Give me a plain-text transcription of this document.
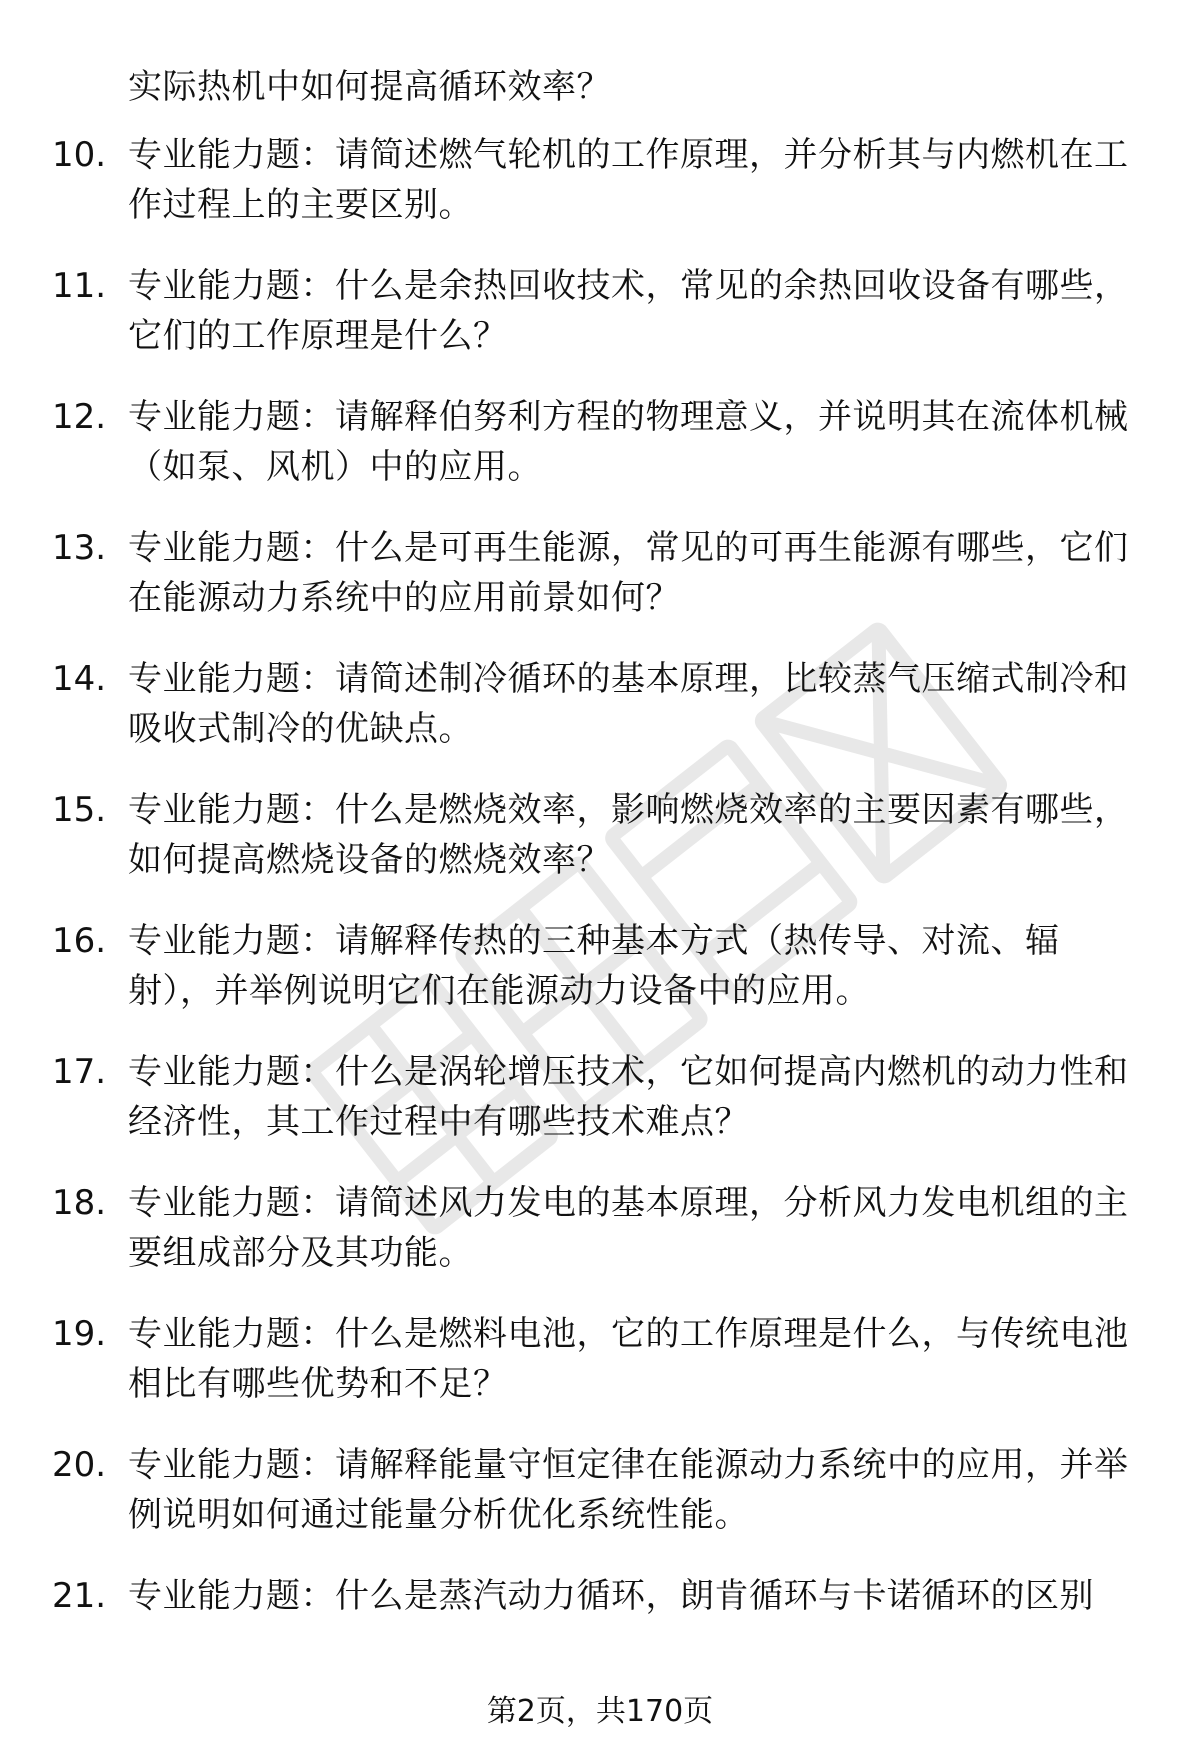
实际热机中如何提高循环效率？
10. 专业能力题：请简述燃气轮机的工作原理，并分析其与内燃机在工作过程上的主要区别。
11. 专业能力题：什么是余热回收技术，常见的余热回收设备有哪些，它们的工作原理是什么？
12. 专业能力题：请解释伯努利方程的物理意义，并说明其在流体机械（如泵、风机）中的应用。
13. 专业能力题：什么是可再生能源，常见的可再生能源有哪些，它们在能源动力系统中的应用前景如何？
14. 专业能力题：请简述制冷循环的基本原理，比较蒸气压缩式制冷和吸收式制冷的优缺点。
15. 专业能力题：什么是燃烧效率，影响燃烧效率的主要因素有哪些，如何提高燃烧设备的燃烧效率？
16. 专业能力题：请解释传热的三种基本方式（热传导、对流、辐射），并举例说明它们在能源动力设备中的应用。
17. 专业能力题：什么是涡轮增压技术，它如何提高内燃机的动力性和经济性，其工作过程中有哪些技术难点？
18. 专业能力题：请简述风力发电的基本原理，分析风力发电机组的主要组成部分及其功能。
19. 专业能力题：什么是燃料电池，它的工作原理是什么，与传统电池相比有哪些优势和不足？
20. 专业能力题：请解释能量守恒定律在能源动力系统中的应用，并举例说明如何通过能量分析优化系统性能。
21. 专业能力题：什么是蒸汽动力循环，朗肯循环与卡诺循环的区别
第2页，共170页
